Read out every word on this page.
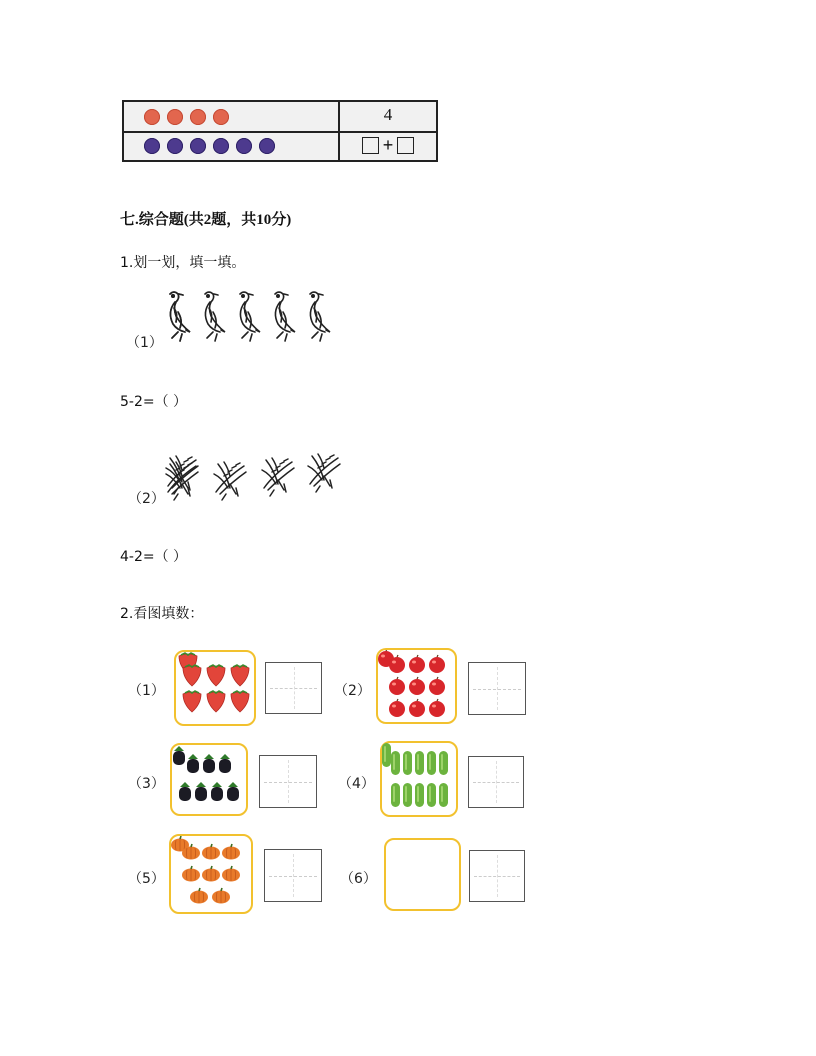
4
+
七.综合题(共2题，共10分)
1.划一划，填一填。
（1）
5-2=（ ）
（2）
4-2=（ ）
2.看图填数：
（1）	（2）
（3）	（4）
（5）	（6）
